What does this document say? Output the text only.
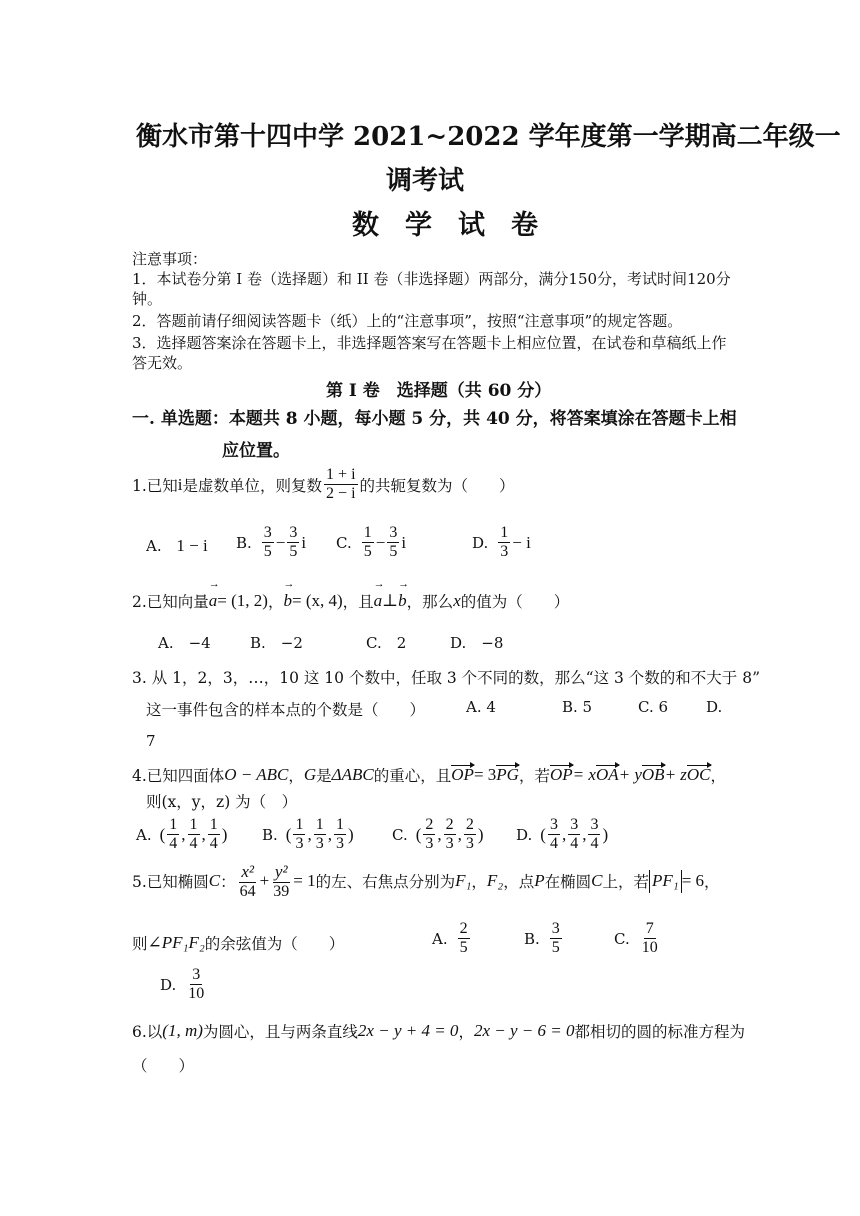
衡水市第十四中学 2021~2022 学年度第一学期高二年级一
调考试
数学试卷
注意事项：
1．本试卷分第 I 卷（选择题）和 II 卷（非选择题）两部分，满分150分，考试时间120分
钟。
2．答题前请仔细阅读答题卡（纸）上的“注意事项”，按照“注意事项”的规定答题。
3．选择题答案涂在答题卡上，非选择题答案写在答题卡上相应位置，在试卷和草稿纸上作
答无效。
第 Ⅰ 卷　选择题（共 60 分）
一. 单选题：本题共 8 小题，每小题 5 分，共 40 分，将答案填涂在答题卡上相
应位置。
1.已知 i 是虚数单位，则复数 $\frac{1 + i}{2 - i}$ 的共轭复数为（　　）
A. 1 − i B. $\frac{3}{5} - \frac{3}{5}$ i C. $\frac{1}{5} - \frac{3}{5}$ i	D. $\frac{1}{3} - i$
2.已知向量 → a = (1, 2) ， → b = (x, 4) ，且 → a ⊥ → b ，那么 x 的值为（　　）
A.　−4	B.　−2	C.　2	D.　−8
3. 从 1，2，3，…，10 这 10 个数中，任取 3 个不同的数，那么“这 3 个数的和不大于 8”
这一事件包含的样本点的个数是（　　）	A. 4	B. 5	C. 6	D.
7
4.已知四面体 O − ABC ， G 是 ΔABC 的重心，且 OP = 3 PG ，若 OP = x OA + y OB + z OC ，
则(x，y，z) 为（　）
A. ( $\frac{1}{4}$ , $\frac{1}{4}$ , $\frac{1}{4}$ ) B. ( $\frac{1}{3}$ , $\frac{1}{3}$ , $\frac{1}{3}$ )	C. ( $\frac{2}{3}$ , $\frac{2}{3}$ , $\frac{2}{3}$ ) D. ( $\frac{3}{4}$ , $\frac{3}{4}$ , $\frac{3}{4}$ )
5.已知椭圆 C ： $\frac{\text{x²}}{64} + \frac{\text{y²}}{39} = 1$ 的左、右焦点分别为 F₁ ， F₂ ，点 P 在椭圆 C 上，若 PF₁ = 6 ，
则 ∠PF₁F₂ 的余弦值为（　　）	A. $\frac{2}{5}$	B. $\frac{3}{5}$	C. $\frac{7}{10}$
D. $\frac{3}{10}$
6.以 (1, m) 为圆心，且与两条直线 2x − y + 4 = 0 ， 2x − y − 6 = 0 都相切的圆的标准方程为
（　　）
